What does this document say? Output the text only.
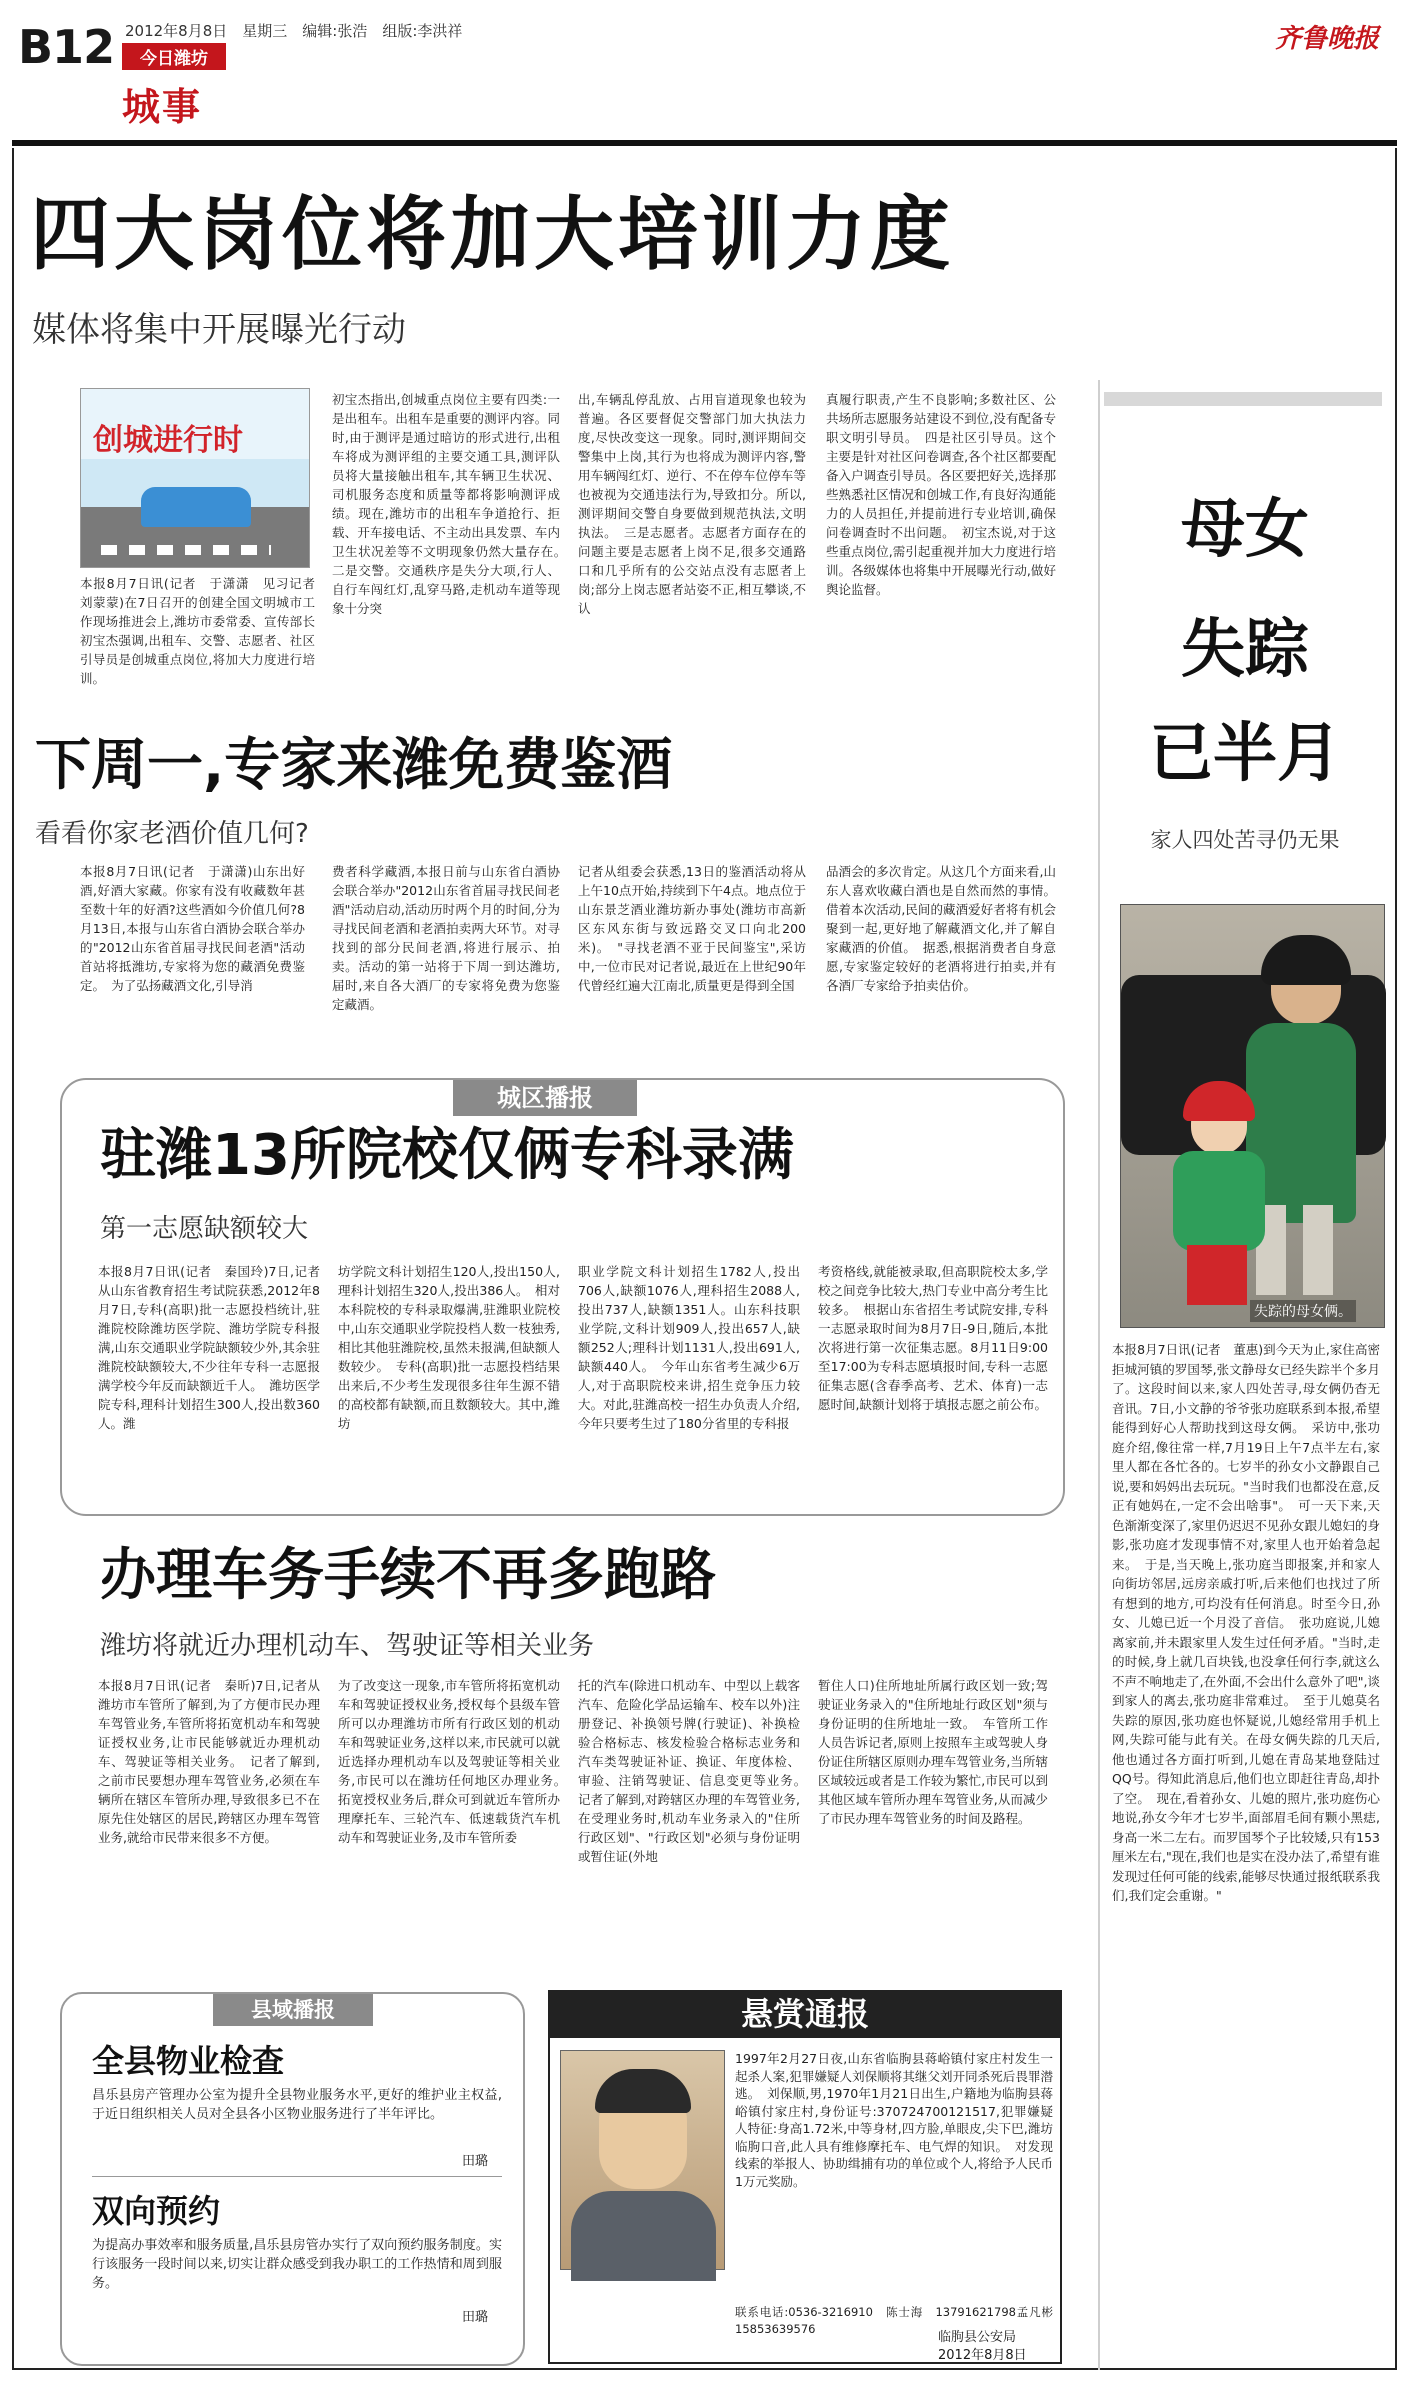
B12 2012年8月8日　星期三　编辑:张浩　组版:李洪祥
今日潍坊
城事
齐鲁晚报
四大岗位将加大培训力度
媒体将集中开展曝光行动
创城进行时
本报8月7日讯(记者　于潇潇　见习记者　刘蒙蒙)在7日召开的创建全国文明城市工作现场推进会上,潍坊市委常委、宣传部长初宝杰强调,出租车、交警、志愿者、社区引导员是创城重点岗位,将加大力度进行培训。
初宝杰指出,创城重点岗位主要有四类:一是出租车。出租车是重要的测评内容。同时,由于测评是通过暗访的形式进行,出租车将成为测评组的主要交通工具,测评队员将大量接触出租车,其车辆卫生状况、司机服务态度和质量等都将影响测评成绩。现在,潍坊市的出租车争道抢行、拒载、开车接电话、不主动出具发票、车内卫生状况差等不文明现象仍然大量存在。　二是交警。交通秩序是失分大项,行人、自行车闯红灯,乱穿马路,走机动车道等现象十分突
出,车辆乱停乱放、占用盲道现象也较为普遍。各区要督促交警部门加大执法力度,尽快改变这一现象。同时,测评期间交警集中上岗,其行为也将成为测评内容,警用车辆闯红灯、逆行、不在停车位停车等也被视为交通违法行为,导致扣分。所以,测评期间交警自身要做到规范执法,文明执法。　三是志愿者。志愿者方面存在的问题主要是志愿者上岗不足,很多交通路口和几乎所有的公交站点没有志愿者上岗;部分上岗志愿者站姿不正,相互攀谈,不认
真履行职责,产生不良影响;多数社区、公共场所志愿服务站建设不到位,没有配备专职文明引导员。　四是社区引导员。这个主要是针对社区问卷调查,各个社区都要配备入户调查引导员。各区要把好关,选择那些熟悉社区情况和创城工作,有良好沟通能力的人员担任,并提前进行专业培训,确保问卷调查时不出问题。　初宝杰说,对于这些重点岗位,需引起重视并加大力度进行培训。各级媒体也将集中开展曝光行动,做好舆论监督。
下周一,专家来潍免费鉴酒
看看你家老酒价值几何?
本报8月7日讯(记者　于潇潇)山东出好酒,好酒大家藏。你家有没有收藏数年甚至数十年的好酒?这些酒如今价值几何?8月13日,本报与山东省白酒协会联合举办的"2012山东省首届寻找民间老酒"活动首站将抵潍坊,专家将为您的藏酒免费鉴定。　为了弘扬藏酒文化,引导消
费者科学藏酒,本报日前与山东省白酒协会联合举办"2012山东省首届寻找民间老酒"活动启动,活动历时两个月的时间,分为寻找民间老酒和老酒拍卖两大环节。对寻找到的部分民间老酒,将进行展示、拍卖。活动的第一站将于下周一到达潍坊,届时,来自各大酒厂的专家将免费为您鉴定藏酒。
记者从组委会获悉,13日的鉴酒活动将从上午10点开始,持续到下午4点。地点位于山东景芝酒业潍坊新办事处(潍坊市高新区东风东街与致远路交叉口向北200米)。　"寻找老酒不亚于民间鉴宝",采访中,一位市民对记者说,最近在上世纪90年代曾经红遍大江南北,质量更是得到全国
品酒会的多次肯定。从这几个方面来看,山东人喜欢收藏白酒也是自然而然的事情。借着本次活动,民间的藏酒爱好者将有机会聚到一起,更好地了解藏酒文化,并了解自家藏酒的价值。　据悉,根据消费者自身意愿,专家鉴定较好的老酒将进行拍卖,并有各酒厂专家给予拍卖估价。
城区播报
驻潍13所院校仅俩专科录满
第一志愿缺额较大
本报8月7日讯(记者　秦国玲)7日,记者从山东省教育招生考试院获悉,2012年8月7日,专科(高职)批一志愿投档统计,驻潍院校除潍坊医学院、潍坊学院专科报满,山东交通职业学院缺额较少外,其余驻潍院校缺额较大,不少往年专科一志愿报满学校今年反而缺额近千人。　潍坊医学院专科,理科计划招生300人,投出数360人。潍
坊学院文科计划招生120人,投出150人,理科计划招生320人,投出386人。　相对本科院校的专科录取爆满,驻潍职业院校中,山东交通职业学院投档人数一枝独秀,相比其他驻潍院校,虽然未报满,但缺额人数较少。　专科(高职)批一志愿投档结果出来后,不少考生发现很多往年生源不错的高校都有缺额,而且数额较大。其中,潍坊
职业学院文科计划招生1782人,投出706人,缺额1076人,理科招生2088人,投出737人,缺额1351人。山东科技职业学院,文科计划909人,投出657人,缺额252人;理科计划1131人,投出691人,缺额440人。　今年山东省考生减少6万人,对于高职院校来讲,招生竞争压力较大。对此,驻潍高校一招生办负责人介绍,今年只要考生过了180分省里的专科报
考资格线,就能被录取,但高职院校太多,学校之间竞争比较大,热门专业中高分考生比较多。　根据山东省招生考试院安排,专科一志愿录取时间为8月7日-9日,随后,本批次将进行第一次征集志愿。8月11日9:00至17:00为专科志愿填报时间,专科一志愿征集志愿(含春季高考、艺术、体育)一志愿时间,缺额计划将于填报志愿之前公布。
办理车务手续不再多跑路
潍坊将就近办理机动车、驾驶证等相关业务
本报8月7日讯(记者　秦昕)7日,记者从潍坊市车管所了解到,为了方便市民办理车驾管业务,车管所将拓宽机动车和驾驶证授权业务,让市民能够就近办理机动车、驾驶证等相关业务。　记者了解到,之前市民要想办理车驾管业务,必须在车辆所在辖区车管所办理,导致很多已不在原先住处辖区的居民,跨辖区办理车驾管业务,就给市民带来很多不方便。
为了改变这一现象,市车管所将拓宽机动车和驾驶证授权业务,授权每个县级车管所可以办理潍坊市所有行政区划的机动车和驾驶证业务,这样以来,市民就可以就近选择办理机动车以及驾驶证等相关业务,市民可以在潍坊任何地区办理业务。　拓宽授权业务后,群众可到就近车管所办理摩托车、三轮汽车、低速载货汽车机动车和驾驶证业务,及市车管所委
托的汽车(除进口机动车、中型以上载客汽车、危险化学品运输车、校车以外)注册登记、补换领号牌(行驶证)、补换检验合格标志、核发检验合格标志业务和汽车类驾驶证补证、换证、年度体检、审验、注销驾驶证、信息变更等业务。　记者了解到,对跨辖区办理的车驾管业务,在受理业务时,机动车业务录入的"住所行政区划"、"行政区划"必须与身份证明或暂住证(外地
暂住人口)住所地址所属行政区划一致;驾驶证业务录入的"住所地址行政区划"须与身份证明的住所地址一致。　车管所工作人员告诉记者,原则上按照车主或驾驶人身份证住所辖区原则办理车驾管业务,当所辖区域较远或者是工作较为繁忙,市民可以到其他区域车管所办理车驾管业务,从而减少了市民办理车驾管业务的时间及路程。
县域播报
全县物业检查
昌乐县房产管理办公室为提升全县物业服务水平,更好的维护业主权益,于近日组织相关人员对全县各小区物业服务进行了半年评比。
田璐
双向预约
为提高办事效率和服务质量,昌乐县房管办实行了双向预约服务制度。实行该服务一段时间以来,切实让群众感受到我办职工的工作热情和周到服务。
田璐
悬赏通报
1997年2月27日夜,山东省临朐县蒋峪镇付家庄村发生一起杀人案,犯罪嫌疑人刘保顺将其继父刘开同杀死后畏罪潜逃。　刘保顺,男,1970年1月21日出生,户籍地为临朐县蒋峪镇付家庄村,身份证号:370724700121517,犯罪嫌疑人特征:身高1.72米,中等身材,四方脸,单眼皮,尖下巴,潍坊临朐口音,此人具有维修摩托车、电气焊的知识。　对发现线索的举报人、协助缉捕有功的单位或个人,将给予人民币1万元奖励。
联系电话:0536-3216910　陈士海　13791621798孟凡彬　15853639576
临朐县公安局
2012年8月8日
母女
失踪
已半月
家人四处苦寻仍无果
失踪的母女俩。
本报8月7日讯(记者　董惠)到今天为止,家住高密拒城河镇的罗国琴,张文静母女已经失踪半个多月了。这段时间以来,家人四处苦寻,母女俩仍杳无音讯。7日,小文静的爷爷张功庭联系到本报,希望能得到好心人帮助找到这母女俩。　采访中,张功庭介绍,像往常一样,7月19日上午7点半左右,家里人都在各忙各的。七岁半的孙女小文静跟自己说,要和妈妈出去玩玩。"当时我们也都没在意,反正有她妈在,一定不会出啥事"。　可一天下来,天色渐渐变深了,家里仍迟迟不见孙女跟儿媳妇的身影,张功庭才发现事情不对,家里人也开始着急起来。　于是,当天晚上,张功庭当即报案,并和家人向街坊邻居,远房亲戚打听,后来他们也找过了所有想到的地方,可均没有任何消息。时至今日,孙女、儿媳已近一个月没了音信。　张功庭说,儿媳离家前,并未跟家里人发生过任何矛盾。"当时,走的时候,身上就几百块钱,也没拿任何行李,就这么不声不响地走了,在外面,不会出什么意外了吧",谈到家人的离去,张功庭非常难过。　至于儿媳莫名失踪的原因,张功庭也怀疑说,儿媳经常用手机上网,失踪可能与此有关。在母女俩失踪的几天后,他也通过各方面打听到,儿媳在青岛某地登陆过QQ号。得知此消息后,他们也立即赶往青岛,却扑了空。　现在,看着孙女、儿媳的照片,张功庭伤心地说,孙女今年才七岁半,面部眉毛间有颗小黑痣,身高一米二左右。而罗国琴个子比较矮,只有153厘米左右,"现在,我们也是实在没办法了,希望有谁发现过任何可能的线索,能够尽快通过报纸联系我们,我们定会重谢。"
